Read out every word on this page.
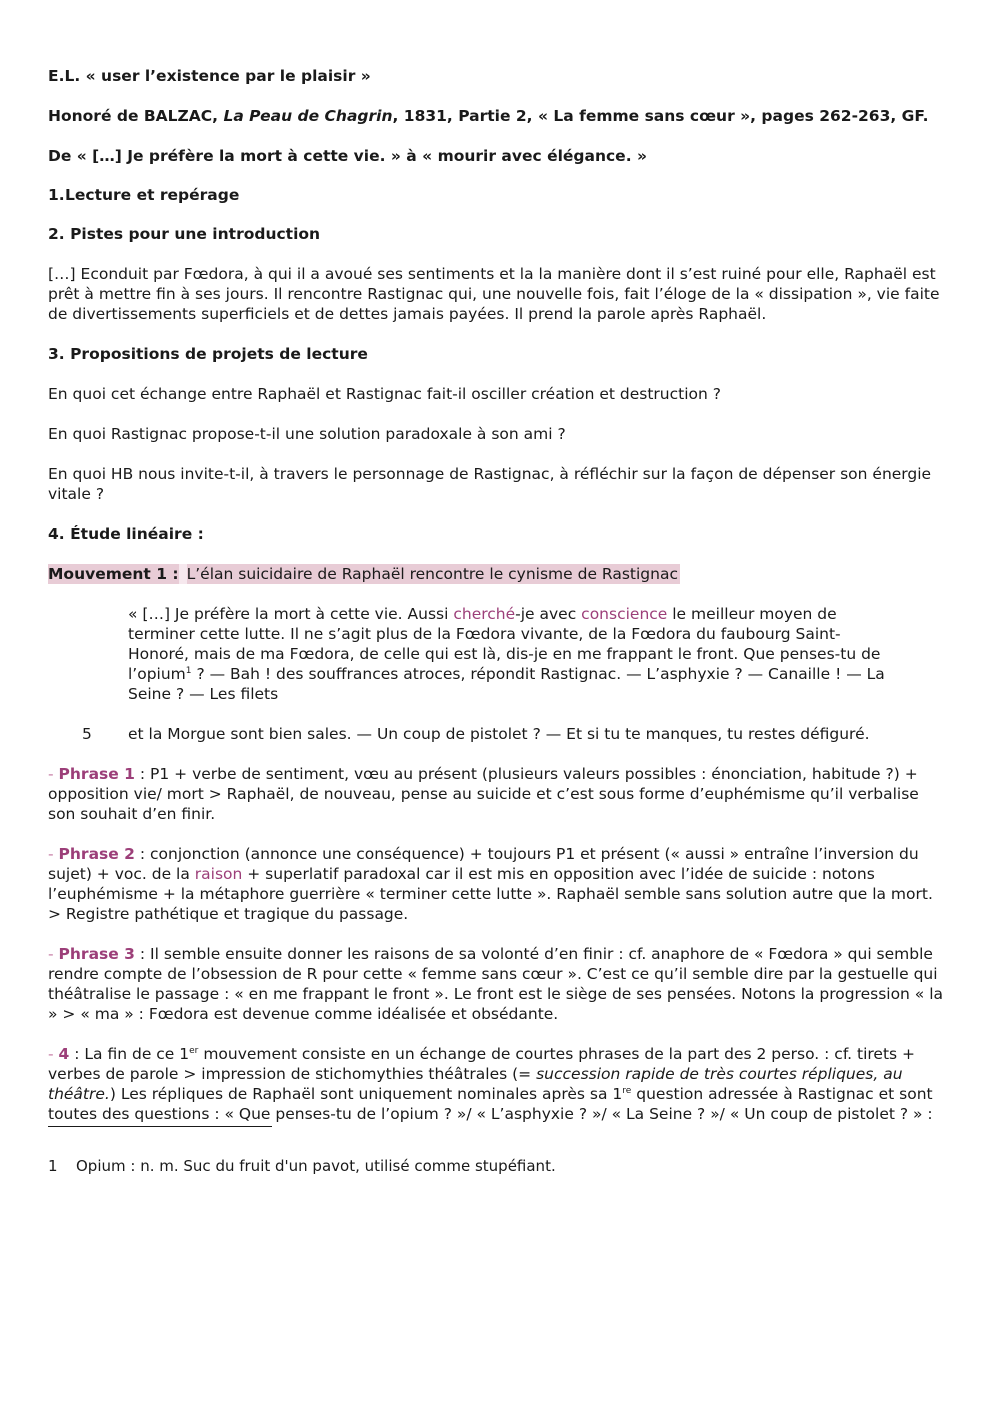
E.L. « user l’existence par le plaisir »

Honoré de BALZAC, La Peau de Chagrin, 1831, Partie 2, « La femme sans cœur », pages 262-263, GF.

De « […] Je préfère la mort à cette vie. » à « mourir avec élégance. »

1. Lecture et repérage

2. Pistes pour une introduction

[…] Econduit par Fœdora, à qui il a avoué ses sentiments et la la manière dont il s’est ruiné pour elle, Raphaël est prêt à mettre fin à ses jours. Il rencontre Rastignac qui, une nouvelle fois, fait l’éloge de la « dissipation », vie faite de divertissements superficiels et de dettes jamais payées. Il prend la parole après Raphaël.

3. Propositions de projets de lecture

En quoi cet échange entre Raphaël et Rastignac fait-il osciller création et destruction ?

En quoi Rastignac propose-t-il une solution paradoxale à son ami ?

En quoi HB nous invite-t-il, à travers le personnage de Rastignac, à réfléchir sur la façon de dépenser son énergie vitale ?

4. Étude linéaire :

Mouvement 1 : L’élan suicidaire de Raphaël rencontre le cynisme de Rastignac

« […] Je préfère la mort à cette vie. Aussi cherché-je avec conscience le meilleur moyen de terminer cette lutte. Il ne s’agit plus de la Fœdora vivante, de la Fœdora du faubourg Saint-Honoré, mais de ma Fœdora, de celle qui est là, dis-je en me frappant le front. Que penses-tu de l’opium$^1$ ? — Bah ! des souffrances atroces, répondit Rastignac. — L’asphyxie ? — Canaille ! — La Seine ? — Les filets

5 et la Morgue sont bien sales. — Un coup de pistolet ? — Et si tu te manques, tu restes défiguré.

- Phrase 1 : P1 + verbe de sentiment, vœu au présent (plusieurs valeurs possibles : énonciation, habitude ?) + opposition vie/ mort > Raphaël, de nouveau, pense au suicide et c’est sous forme d’euphémisme qu’il verbalise son souhait d’en finir.

- Phrase 2 : conjonction (annonce une conséquence) + toujours P1 et présent (« aussi » entraîne l’inversion du sujet) + voc. de la raison + superlatif paradoxal car il est mis en opposition avec l’idée de suicide : notons l’euphémisme + la métaphore guerrière « terminer cette lutte ». Raphaël semble sans solution autre que la mort. > Registre pathétique et tragique du passage.

- Phrase 3 : Il semble ensuite donner les raisons de sa volonté d’en finir : cf. anaphore de « Fœdora » qui semble rendre compte de l’obsession de R pour cette « femme sans cœur ». C’est ce qu’il semble dire par la gestuelle qui théâtralise le passage : « en me frappant le front ». Le front est le siège de ses pensées. Notons la progression « la » > « ma » : Fœdora est devenue comme idéalisée et obsédante.

- 4 : La fin de ce 1er mouvement consiste en un échange de courtes phrases de la part des 2 perso. : cf. tirets + verbes de parole > impression de stichomythies théâtrales (= succession rapide de très courtes répliques, au théâtre.) Les répliques de Raphaël sont uniquement nominales après sa 1re question adressée à Rastignac et sont toutes des questions : « Que penses-tu de l’opium ? »/ « L’asphyxie ? »/ « La Seine ? »/ « Un coup de pistolet ? » :

1	Opium : n. m. Suc du fruit d'un pavot, utilisé comme stupéfiant.
